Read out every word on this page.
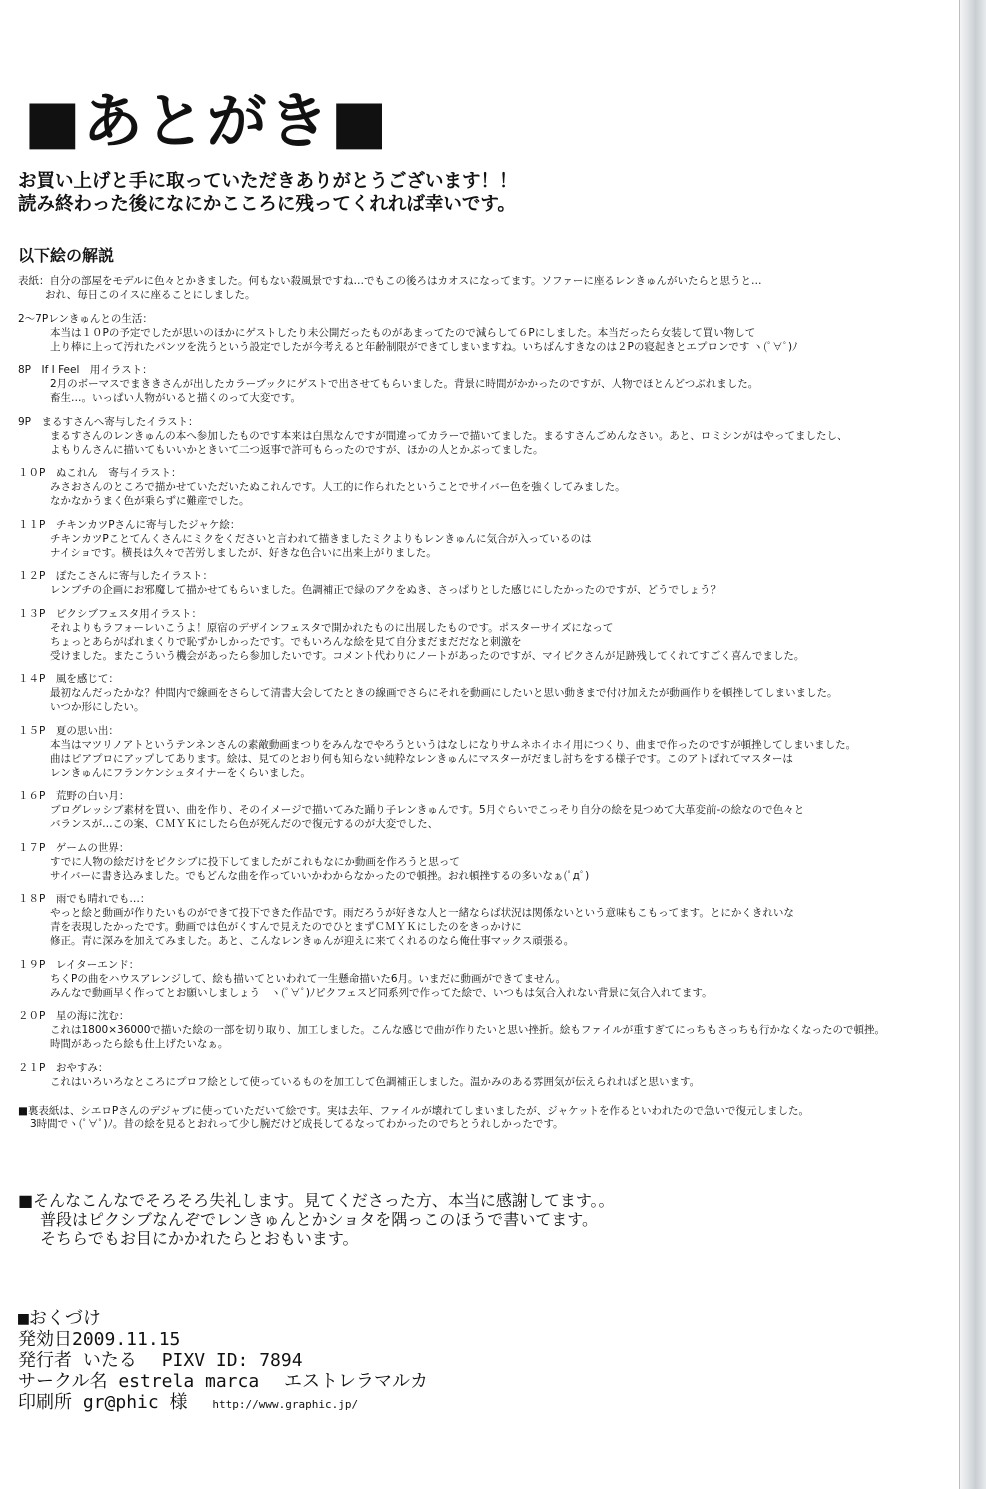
■あとがき■
お買い上げと手に取っていただきありがとうございます！！
読み終わった後になにかこころに残ってくれれば幸いです。
以下絵の解説
表紙：自分の部屋をモデルに色々とかきました。何もない殺風景ですね…でもこの後ろはカオスになってます。ソファーに座るレンきゅんがいたらと思うと…
おれ、毎日このイスに座ることにしました。
2～7Pレンきゅんとの生活：
本当は１０Pの予定でしたが思いのほかにゲストしたり未公開だったものがあまってたので減らして６Pにしました。本当だったら女装して買い物して
上り棒に上って汚れたパンツを洗うという設定でしたが今考えると年齢制限ができてしまいますね。いちばんすきなのは２Pの寝起きとエプロンです ヽ(ﾟ∀ﾟ)ﾉ
8P　If I Feel　用イラスト：
2月のボーマスでまききさんが出したカラーブックにゲストで出させてもらいました。背景に時間がかかったのですが、人物でほとんどつぶれました。
畜生…。いっぱい人物がいると描くのって大変です。
9P　まるすさんへ寄与したイラスト：
まるすさんのレンきゅんの本へ参加したものです本来は白黒なんですが間違ってカラーで描いてました。まるすさんごめんなさい。あと、ロミシンがはやってましたし、
よもりんさんに描いてもいいかときいて二つ返事で許可もらったのですが、ほかの人とかぶってました。
１０P　ぬこれん　寄与イラスト：
みさおさんのところで描かせていただいたぬこれんです。人工的に作られたということでサイバー色を強くしてみました。
なかなかうまく色が乗らずに難産でした。
１１P　チキンカツPさんに寄与したジャケ絵：
チキンカツPことてんくさんにミクをくださいと言われて描きましたミクよりもレンきゅんに気合が入っているのは
ナイショです。横長は久々で苦労しましたが、好きな色合いに出来上がりました。
１２P　ぽたこさんに寄与したイラスト：
レンブチの企画にお邪魔して描かせてもらいました。色調補正で緑のアクをぬき、さっぱりとした感じにしたかったのですが、どうでしょう？
１３P　ピクシブフェスタ用イラスト：
それよりもラフォーレいこうよ！原宿のデザインフェスタで開かれたものに出展したものです。ポスターサイズになって
ちょっとあらがばれまくりで恥ずかしかったです。でもいろんな絵を見て自分まだまだだなと刺激を
受けました。またこういう機会があったら参加したいです。コメント代わりにノートがあったのですが、マイピクさんが足跡残してくれてすごく喜んでました。
１４P　風を感じて：
最初なんだったかな？仲間内で線画をさらして清書大会してたときの線画でさらにそれを動画にしたいと思い動きまで付け加えたが動画作りを頓挫してしまいました。
いつか形にしたい。
１５P　夏の思い出：
本当はマツリノアトというテンネンさんの素敵動画まつりをみんなでやろうというはなしになりサムネホイホイ用につくり、曲まで作ったのですが頓挫してしまいました。
曲はピアプロにアップしてあります。絵は、見てのとおり何も知らない純粋なレンきゅんにマスターがだまし討ちをする様子です。このアトばれてマスターは
レンきゅんにフランケンシュタイナーをくらいました。
１６P　荒野の白い月：
ブログレッシブ素材を買い、曲を作り、そのイメージで描いてみた踊り子レンきゅんです。5月ぐらいでこっそり自分の絵を見つめて大革変前‐の絵なので色々と
バランスが…この案、ＣＭＹＫにしたら色が死んだので復元するのが大変でした、
１７P　ゲームの世界：
すでに人物の絵だけをピクシブに投下してましたがこれもなにか動画を作ろうと思って
サイバーに書き込みました。でもどんな曲を作っていいかわからなかったので頓挫。おれ頓挫するの多いなぁ(ﾟдﾟ)
１８P　雨でも晴れでも…：
やっと絵と動画が作りたいものができて投下できた作品です。雨だろうが好きな人と一緒ならば状況は関係ないという意味もこもってます。とにかくきれいな
青を表現したかったです。動画では色がくすんで見えたのでひとまずＣＭＹＫにしたのをきっかけに
修正。青に深みを加えてみました。あと、こんなレンきゅんが迎えに来てくれるのなら俺仕事マックス頑張る。
１９P　レイターエンド：
ちくPの曲をハウスアレンジして、絵も描いてといわれて一生懸命描いた6月。いまだに動画ができてません。
みんなで動画早く作ってとお願いしましょう　ヽ(ﾟ∀ﾟ)ﾉピクフェスど同系列で作ってた絵で、いつもは気合入れない背景に気合入れてます。
２０P　星の海に沈む：
これは1800×36000で描いた絵の一部を切り取り、加工しました。こんな感じで曲が作りたいと思い挫折。絵もファイルが重すぎてにっちもさっちも行かなくなったので頓挫。
時間があったら絵も仕上げたいなぁ。
２１P　おやすみ：
これはいろいろなところにプロフ絵として使っているものを加工して色調補正しました。温かみのある雰囲気が伝えられればと思います。
■裏表紙は、シエロPさんのデジャブに使っていただいて絵です。実は去年、ファイルが壊れてしまいましたが、ジャケットを作るといわれたので急いで復元しました。
3時間でヽ(ﾟ∀ﾟ)ﾉ。昔の絵を見るとおれって少し腕だけど成長してるなってわかったのでちとうれしかったです。
■そんなこんなでそろそろ失礼します。見てくださった方、本当に感謝してます。。
普段はピクシブなんぞでレンきゅんとかショタを隅っこのほうで書いてます。
そちらでもお目にかかれたらとおもいます。
■おくづけ
発効日2009.11.15
発行者 いたる PIXV ID: 7894
サークル名 estrela marca エストレラマルカ
印刷所 gr@phic 様 http://www.graphic.jp/
